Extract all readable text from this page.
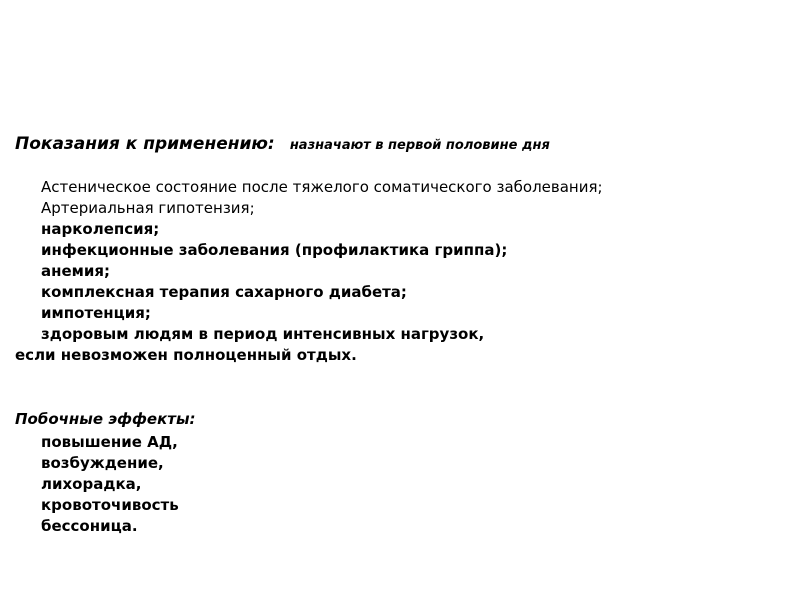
Показания к применению: назначают в первой половине дня
Астеническое состояние после тяжелого соматического заболевания;
Артериальная гипотензия;
нарколепсия;
инфекционные заболевания (профилактика гриппа);
анемия;
комплексная терапия сахарного диабета;
импотенция;
здоровым людям в период интенсивных нагрузок,
если невозможен полноценный отдых.
Побочные эффекты:
повышение АД,
возбуждение,
лихорадка,
кровоточивость
бессоница.
